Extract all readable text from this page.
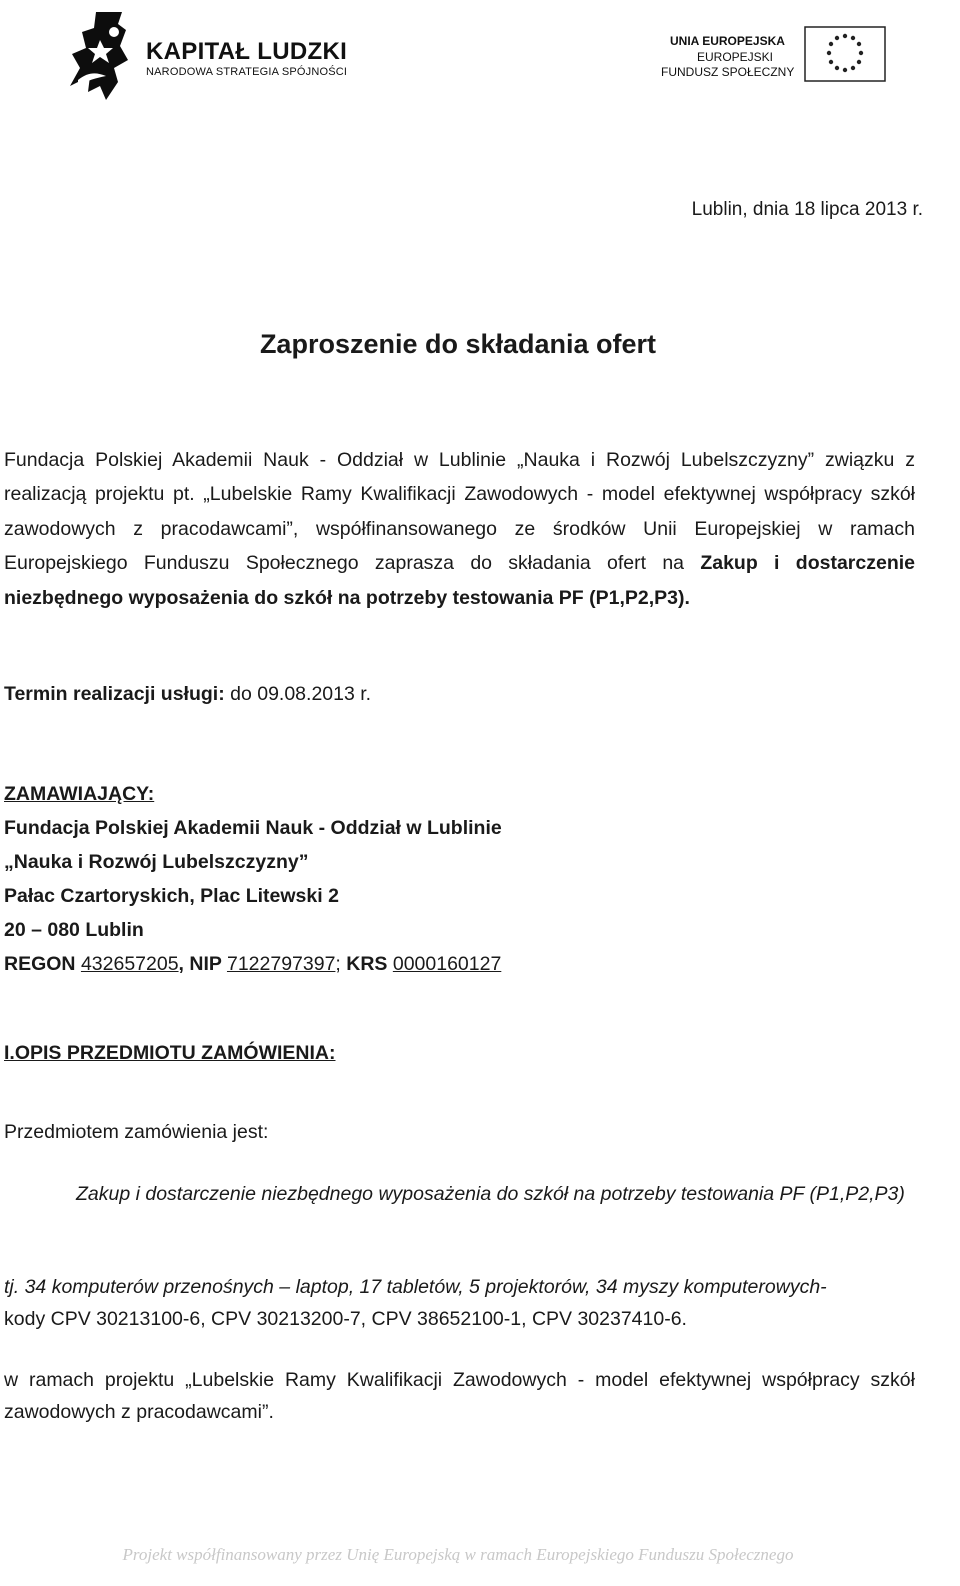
KAPITAŁ LUDZKI
NARODOWA STRATEGIA SPÓJNOŚCI
UNIA EUROPEJSKA
EUROPEJSKI
FUNDUSZ SPOŁECZNY
Lublin, dnia 18 lipca 2013 r.
Zaproszenie do składania ofert

Fundacja Polskiej Akademii Nauk - Oddział w Lublinie „Nauka i Rozwój Lubelszczyzny” związku z realizacją projektu pt. „Lubelskie Ramy Kwalifikacji Zawodowych - model efektywnej współpracy szkół zawodowych z pracodawcami”, współfinansowanego ze środków Unii Europejskiej w ramach Europejskiego Funduszu Społecznego zaprasza do składania ofert na Zakup i dostarczenie niezbędnego wyposażenia do szkół na potrzeby testowania PF (P1,P2,P3).

Termin realizacji usługi: do 09.08.2013 r.
ZAMAWIAJĄCY:
Fundacja Polskiej Akademii Nauk - Oddział w Lublinie
„Nauka i Rozwój Lubelszczyzny”
Pałac Czartoryskich, Plac Litewski 2
20 – 080 Lublin
REGON 432657205, NIP 7122797397; KRS 0000160127
I.OPIS PRZEDMIOTU ZAMÓWIENIA:
Przedmiotem zamówienia jest:

Zakup i dostarczenie niezbędnego wyposażenia do szkół na potrzeby testowania PF (P1,P2,P3)

tj. 34 komputerów przenośnych – laptop, 17 tabletów, 5 projektorów, 34 myszy komputerowych-
kody CPV 30213100-6, CPV 30213200-7, CPV 38652100-1, CPV 30237410-6.

w ramach projektu „Lubelskie Ramy Kwalifikacji Zawodowych - model efektywnej współpracy szkół zawodowych z pracodawcami”.

Projekt współfinansowany przez Unię Europejską w ramach Europejskiego Funduszu Społecznego
